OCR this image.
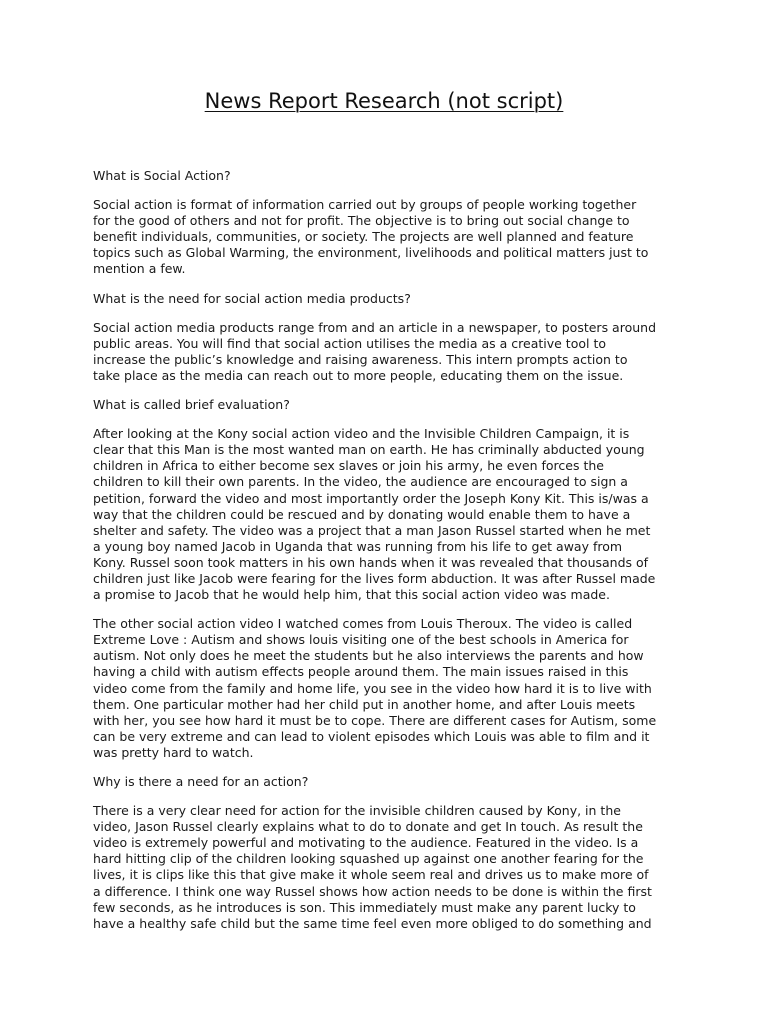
News Report Research (not script)

What is Social Action?

Social action is format of information carried out by groups of people working together
for the good of others and not for profit. The objective is to bring out social change to
benefit individuals, communities, or society. The projects are well planned and feature
topics such as Global Warming, the environment, livelihoods and political matters just to
mention a few.

What is the need for social action media products?

Social action media products range from and an article in a newspaper, to posters around
public areas. You will find that social action utilises the media as a creative tool to
increase the public’s knowledge and raising awareness. This intern prompts action to
take place as the media can reach out to more people, educating them on the issue.

What is called brief evaluation?

After looking at the Kony social action video and the Invisible Children Campaign, it is
clear that this Man is the most wanted man on earth. He has criminally abducted young
children in Africa to either become sex slaves or join his army, he even forces the
children to kill their own parents. In the video, the audience are encouraged to sign a
petition, forward the video and most importantly order the Joseph Kony Kit. This is/was a
way that the children could be rescued and by donating would enable them to have a
shelter and safety. The video was a project that a man Jason Russel started when he met
a young boy named Jacob in Uganda that was running from his life to get away from
Kony. Russel soon took matters in his own hands when it was revealed that thousands of
children just like Jacob were fearing for the lives form abduction. It was after Russel made
a promise to Jacob that he would help him, that this social action video was made.

The other social action video I watched comes from Louis Theroux. The video is called
Extreme Love : Autism and shows louis visiting one of the best schools in America for
autism. Not only does he meet the students but he also interviews the parents and how
having a child with autism effects people around them. The main issues raised in this
video come from the family and home life, you see in the video how hard it is to live with
them. One particular mother had her child put in another home, and after Louis meets
with her, you see how hard it must be to cope. There are different cases for Autism, some
can be very extreme and can lead to violent episodes which Louis was able to film and it
was pretty hard to watch.

Why is there a need for an action?

There is a very clear need for action for the invisible children caused by Kony, in the
video, Jason Russel clearly explains what to do to donate and get In touch. As result the
video is extremely powerful and motivating to the audience. Featured in the video. Is a
hard hitting clip of the children looking squashed up against one another fearing for the
lives, it is clips like this that give make it whole seem real and drives us to make more of
a difference. I think one way Russel shows how action needs to be done is within the first
few seconds, as he introduces is son. This immediately must make any parent lucky to
have a healthy safe child but the same time feel even more obliged to do something and
